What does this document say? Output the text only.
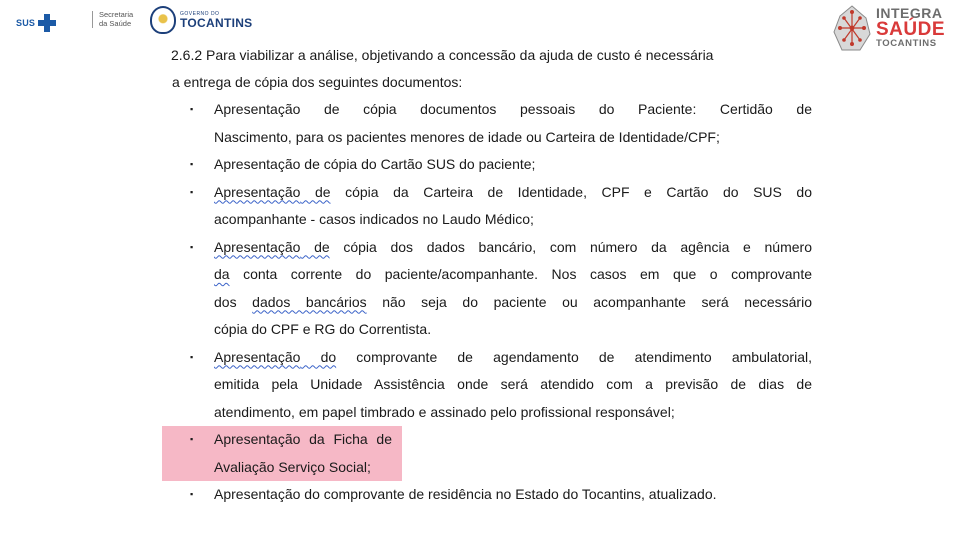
SUS
Secretaria
da Saúde
GOVERNO DO
TOCANTINS
INTEGRA
SAÚDE
TOCANTINS
2.6.2 Para viabilizar a análise, objetivando a concessão da ajuda de custo é necessária
a entrega de cópia dos seguintes documentos:
▪ Apresentação de cópia documentos pessoais do Paciente: Certidão de
Nascimento, para os pacientes menores de idade ou Carteira de Identidade/CPF;
▪ Apresentação de cópia do Cartão SUS do paciente;
▪ Apresentação de cópia da Carteira de Identidade, CPF e Cartão do SUS do
acompanhante - casos indicados no Laudo Médico;
▪ Apresentação de cópia dos dados bancário, com número da agência e número
da conta corrente do paciente/acompanhante. Nos casos em que o comprovante
dos dados bancários não seja do paciente ou acompanhante será necessário
cópia do CPF e RG do Correntista.
▪ Apresentação do comprovante de agendamento de atendimento ambulatorial,
emitida pela Unidade Assistência onde será atendido com a previsão de dias de
atendimento, em papel timbrado e assinado pelo profissional responsável;
▪ Apresentação da Ficha de Avaliação Serviço Social;
▪ Apresentação do comprovante de residência no Estado do Tocantins, atualizado.
